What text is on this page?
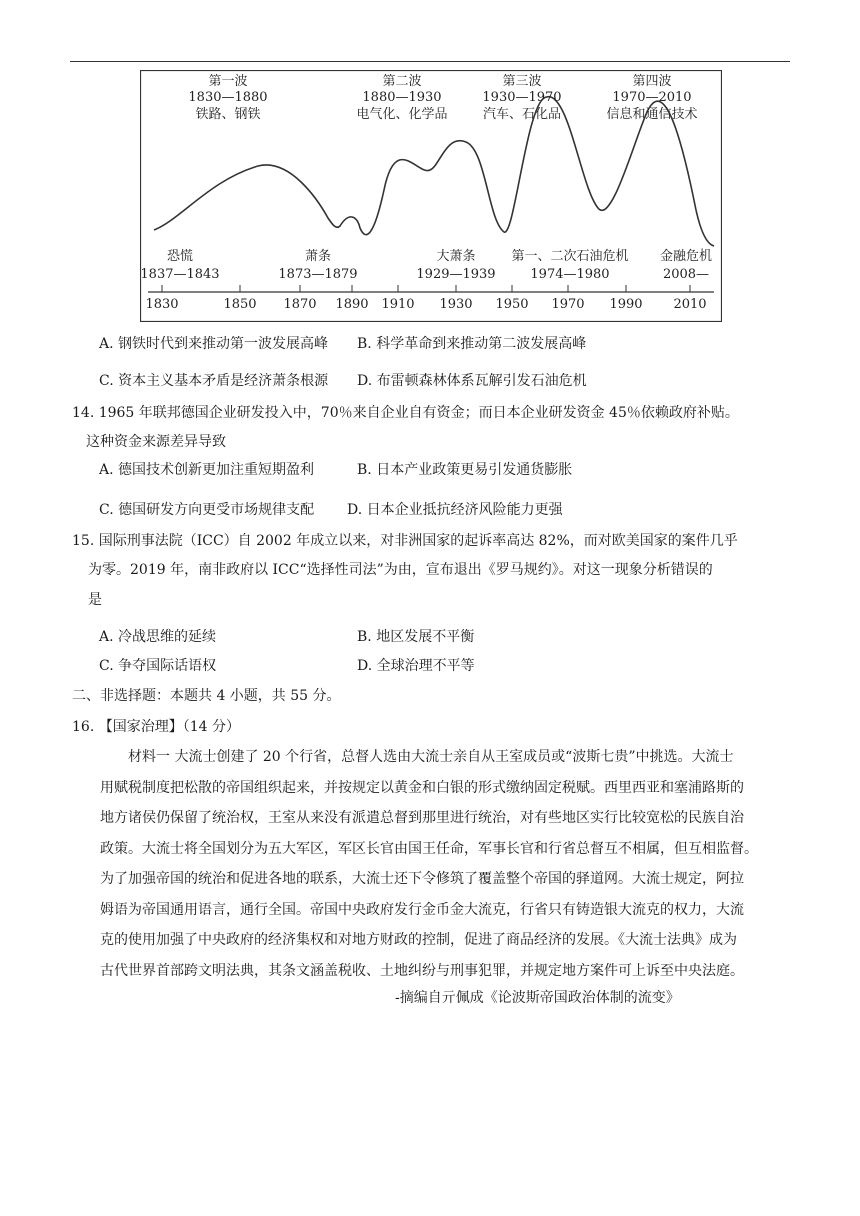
1830	1850 1870 1890 1910 1930 1950 1970 1990 2010
第一波
1830—1880
铁路、钢铁
第二波
1880—1930
电气化、化学品
第三波
1930—1970
汽车、石化品
第四波
1970—2010
信息和通信技术
恐慌
1837—1843
萧条
1873—1879
大萧条
1929—1939
第一、二次石油危机
1974—1980
金融危机
2008—
A. 钢铁时代到来推动第一波发展高峰 B. 科学革命到来推动第二波发展高峰
C. 资本主义基本矛盾是经济萧条根源 D. 布雷顿森林体系瓦解引发石油危机
14. 1965 年联邦德国企业研发投入中，70％来自企业自有资金；而日本企业研发资金 45％依赖政府补贴。
这种资金来源差异导致
A. 德国技术创新更加注重短期盈利	B. 日本产业政策更易引发通货膨胀
C. 德国研发方向更受市场规律支配 D. 日本企业抵抗经济风险能力更强
15. 国际刑事法院（ICC）自 2002 年成立以来，对非洲国家的起诉率高达 82%，而对欧美国家的案件几乎
为零。2019 年，南非政府以 ICC“选择性司法”为由，宣布退出《罗马规约》。对这一现象分析错误的
是
A. 冷战思维的延续	B. 地区发展不平衡
C. 争夺国际话语权	D. 全球治理不平等
二、非选择题：本题共 4 小题，共 55 分。
16. 【国家治理】（14 分）
材料一 大流士创建了 20 个行省，总督人选由大流士亲自从王室成员或“波斯七贵”中挑选。大流士
用赋税制度把松散的帝国组织起来，并按规定以黄金和白银的形式缴纳固定税赋。西里西亚和塞浦路斯的
地方诸侯仍保留了统治权，王室从来没有派遣总督到那里进行统治，对有些地区实行比较宽松的民族自治
政策。大流士将全国划分为五大军区，军区长官由国王任命，军事长官和行省总督互不相属，但互相监督。
为了加强帝国的统治和促进各地的联系，大流士还下令修筑了覆盖整个帝国的驿道网。大流士规定，阿拉
姆语为帝国通用语言，通行全国。帝国中央政府发行金币金大流克，行省只有铸造银大流克的权力，大流
克的使用加强了中央政府的经济集权和对地方财政的控制，促进了商品经济的发展。《大流士法典》成为
古代世界首部跨文明法典，其条文涵盖税收、土地纠纷与刑事犯罪，并规定地方案件可上诉至中央法庭。
-摘编自亓佩成《论波斯帝国政治体制的流变》
